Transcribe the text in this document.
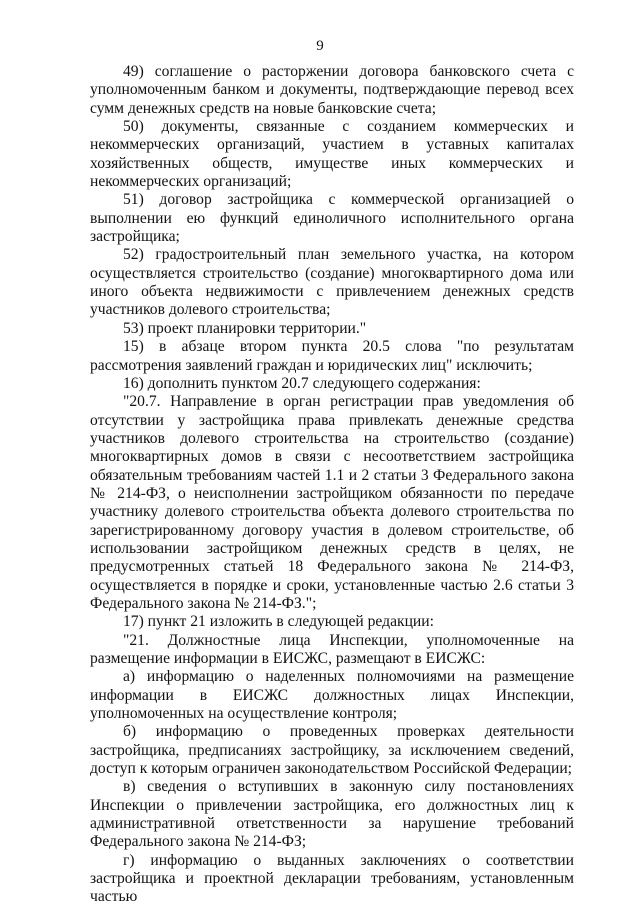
9

49) соглашение о расторжении договора банковского счета с уполномоченным банком и документы, подтверждающие перевод всех сумм денежных средств на новые банковские счета;

50) документы, связанные с созданием коммерческих и некоммерческих организаций, участием в уставных капиталах хозяйственных обществ, имуществе иных коммерческих и некоммерческих организаций;

51) договор застройщика с коммерческой организацией о выполнении ею функций единоличного исполнительного органа застройщика;

52) градостроительный план земельного участка, на котором осуществляется строительство (создание) многоквартирного дома или иного объекта недвижимости с привлечением денежных средств участников долевого строительства;

53) проект планировки территории."

15) в абзаце втором пункта 20.5 слова "по результатам рассмотрения заявлений граждан и юридических лиц" исключить;

16) дополнить пунктом 20.7 следующего содержания:

"20.7. Направление в орган регистрации прав уведомления об отсутствии у застройщика права привлекать денежные средства участников долевого строительства на строительство (создание) многоквартирных домов в связи с несоответствием застройщика обязательным требованиям частей 1.1 и 2 статьи 3 Федерального закона № 214-ФЗ, о неисполнении застройщиком обязанности по передаче участнику долевого строительства объекта долевого строительства по зарегистрированному договору участия в долевом строительстве, об использовании застройщиком денежных средств в целях, не предусмотренных статьей 18 Федерального закона № 214-ФЗ, осуществляется в порядке и сроки, установленные частью 2.6 статьи 3 Федерального закона № 214-ФЗ.";

17) пункт 21 изложить в следующей редакции:

"21. Должностные лица Инспекции, уполномоченные на размещение информации в ЕИСЖС, размещают в ЕИСЖС:

а) информацию о наделенных полномочиями на размещение информации в ЕИСЖС должностных лицах Инспекции, уполномоченных на осуществление контроля;

б) информацию о проведенных проверках деятельности застройщика, предписаниях застройщику, за исключением сведений, доступ к которым ограничен законодательством Российской Федерации;

в) сведения о вступивших в законную силу постановлениях Инспекции о привлечении застройщика, его должностных лиц к административной ответственности за нарушение требований Федерального закона № 214-ФЗ;

г) информацию о выданных заключениях о соответствии застройщика и проектной декларации требованиям, установленным частью
